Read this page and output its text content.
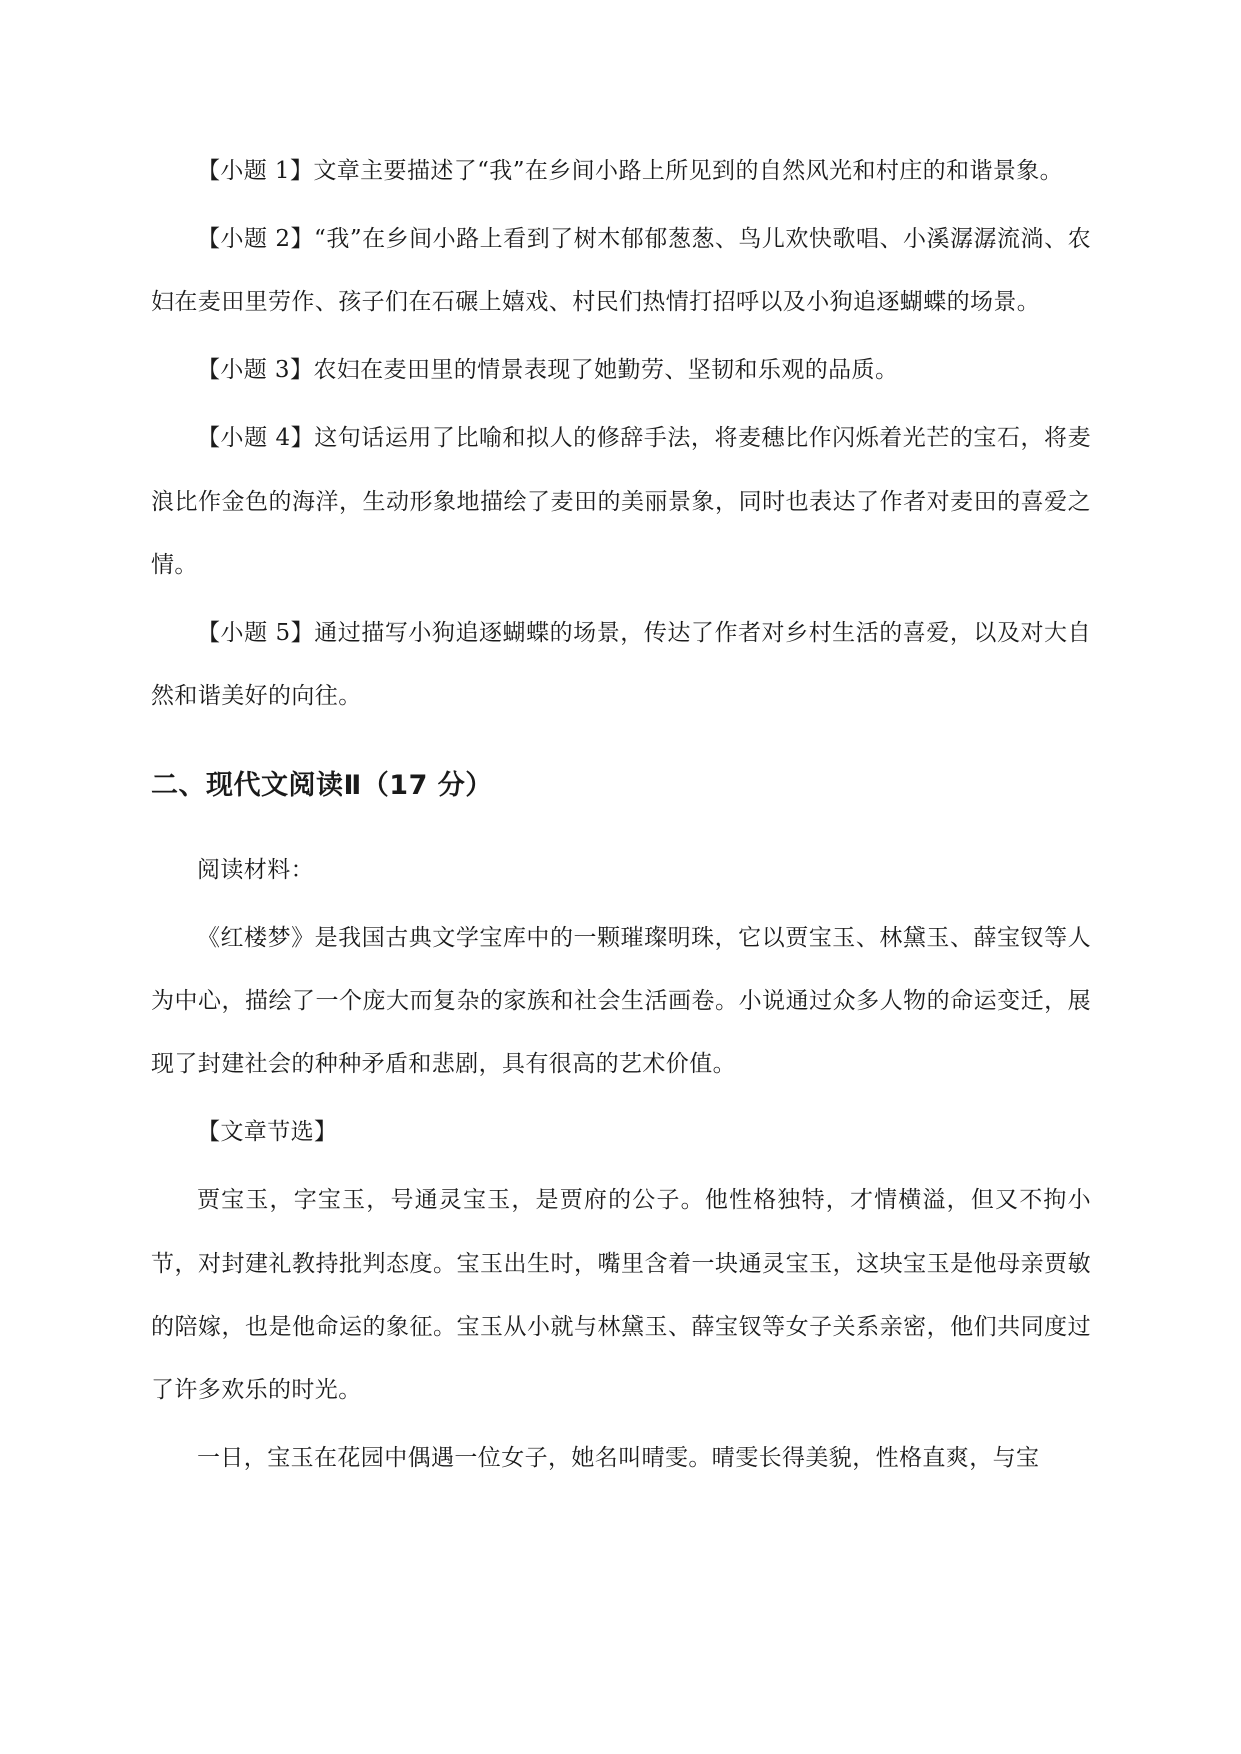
【小题 1】文章主要描述了“我”在乡间小路上所见到的自然风光和村庄的和谐景象。

【小题 2】“我”在乡间小路上看到了树木郁郁葱葱、鸟儿欢快歌唱、小溪潺潺流淌、农妇在麦田里劳作、孩子们在石碾上嬉戏、村民们热情打招呼以及小狗追逐蝴蝶的场景。

【小题 3】农妇在麦田里的情景表现了她勤劳、坚韧和乐观的品质。

【小题 4】这句话运用了比喻和拟人的修辞手法，将麦穗比作闪烁着光芒的宝石，将麦浪比作金色的海洋，生动形象地描绘了麦田的美丽景象，同时也表达了作者对麦田的喜爱之情。

【小题 5】通过描写小狗追逐蝴蝶的场景，传达了作者对乡村生活的喜爱，以及对大自然和谐美好的向往。

二、现代文阅读Ⅱ（17 分）

阅读材料：

《红楼梦》是我国古典文学宝库中的一颗璀璨明珠，它以贾宝玉、林黛玉、薛宝钗等人为中心，描绘了一个庞大而复杂的家族和社会生活画卷。小说通过众多人物的命运变迁，展现了封建社会的种种矛盾和悲剧，具有很高的艺术价值。

【文章节选】

贾宝玉，字宝玉，号通灵宝玉，是贾府的公子。他性格独特，才情横溢，但又不拘小节，对封建礼教持批判态度。宝玉出生时，嘴里含着一块通灵宝玉，这块宝玉是他母亲贾敏的陪嫁，也是他命运的象征。宝玉从小就与林黛玉、薛宝钗等女子关系亲密，他们共同度过了许多欢乐的时光。

一日，宝玉在花园中偶遇一位女子，她名叫晴雯。晴雯长得美貌，性格直爽，与宝
